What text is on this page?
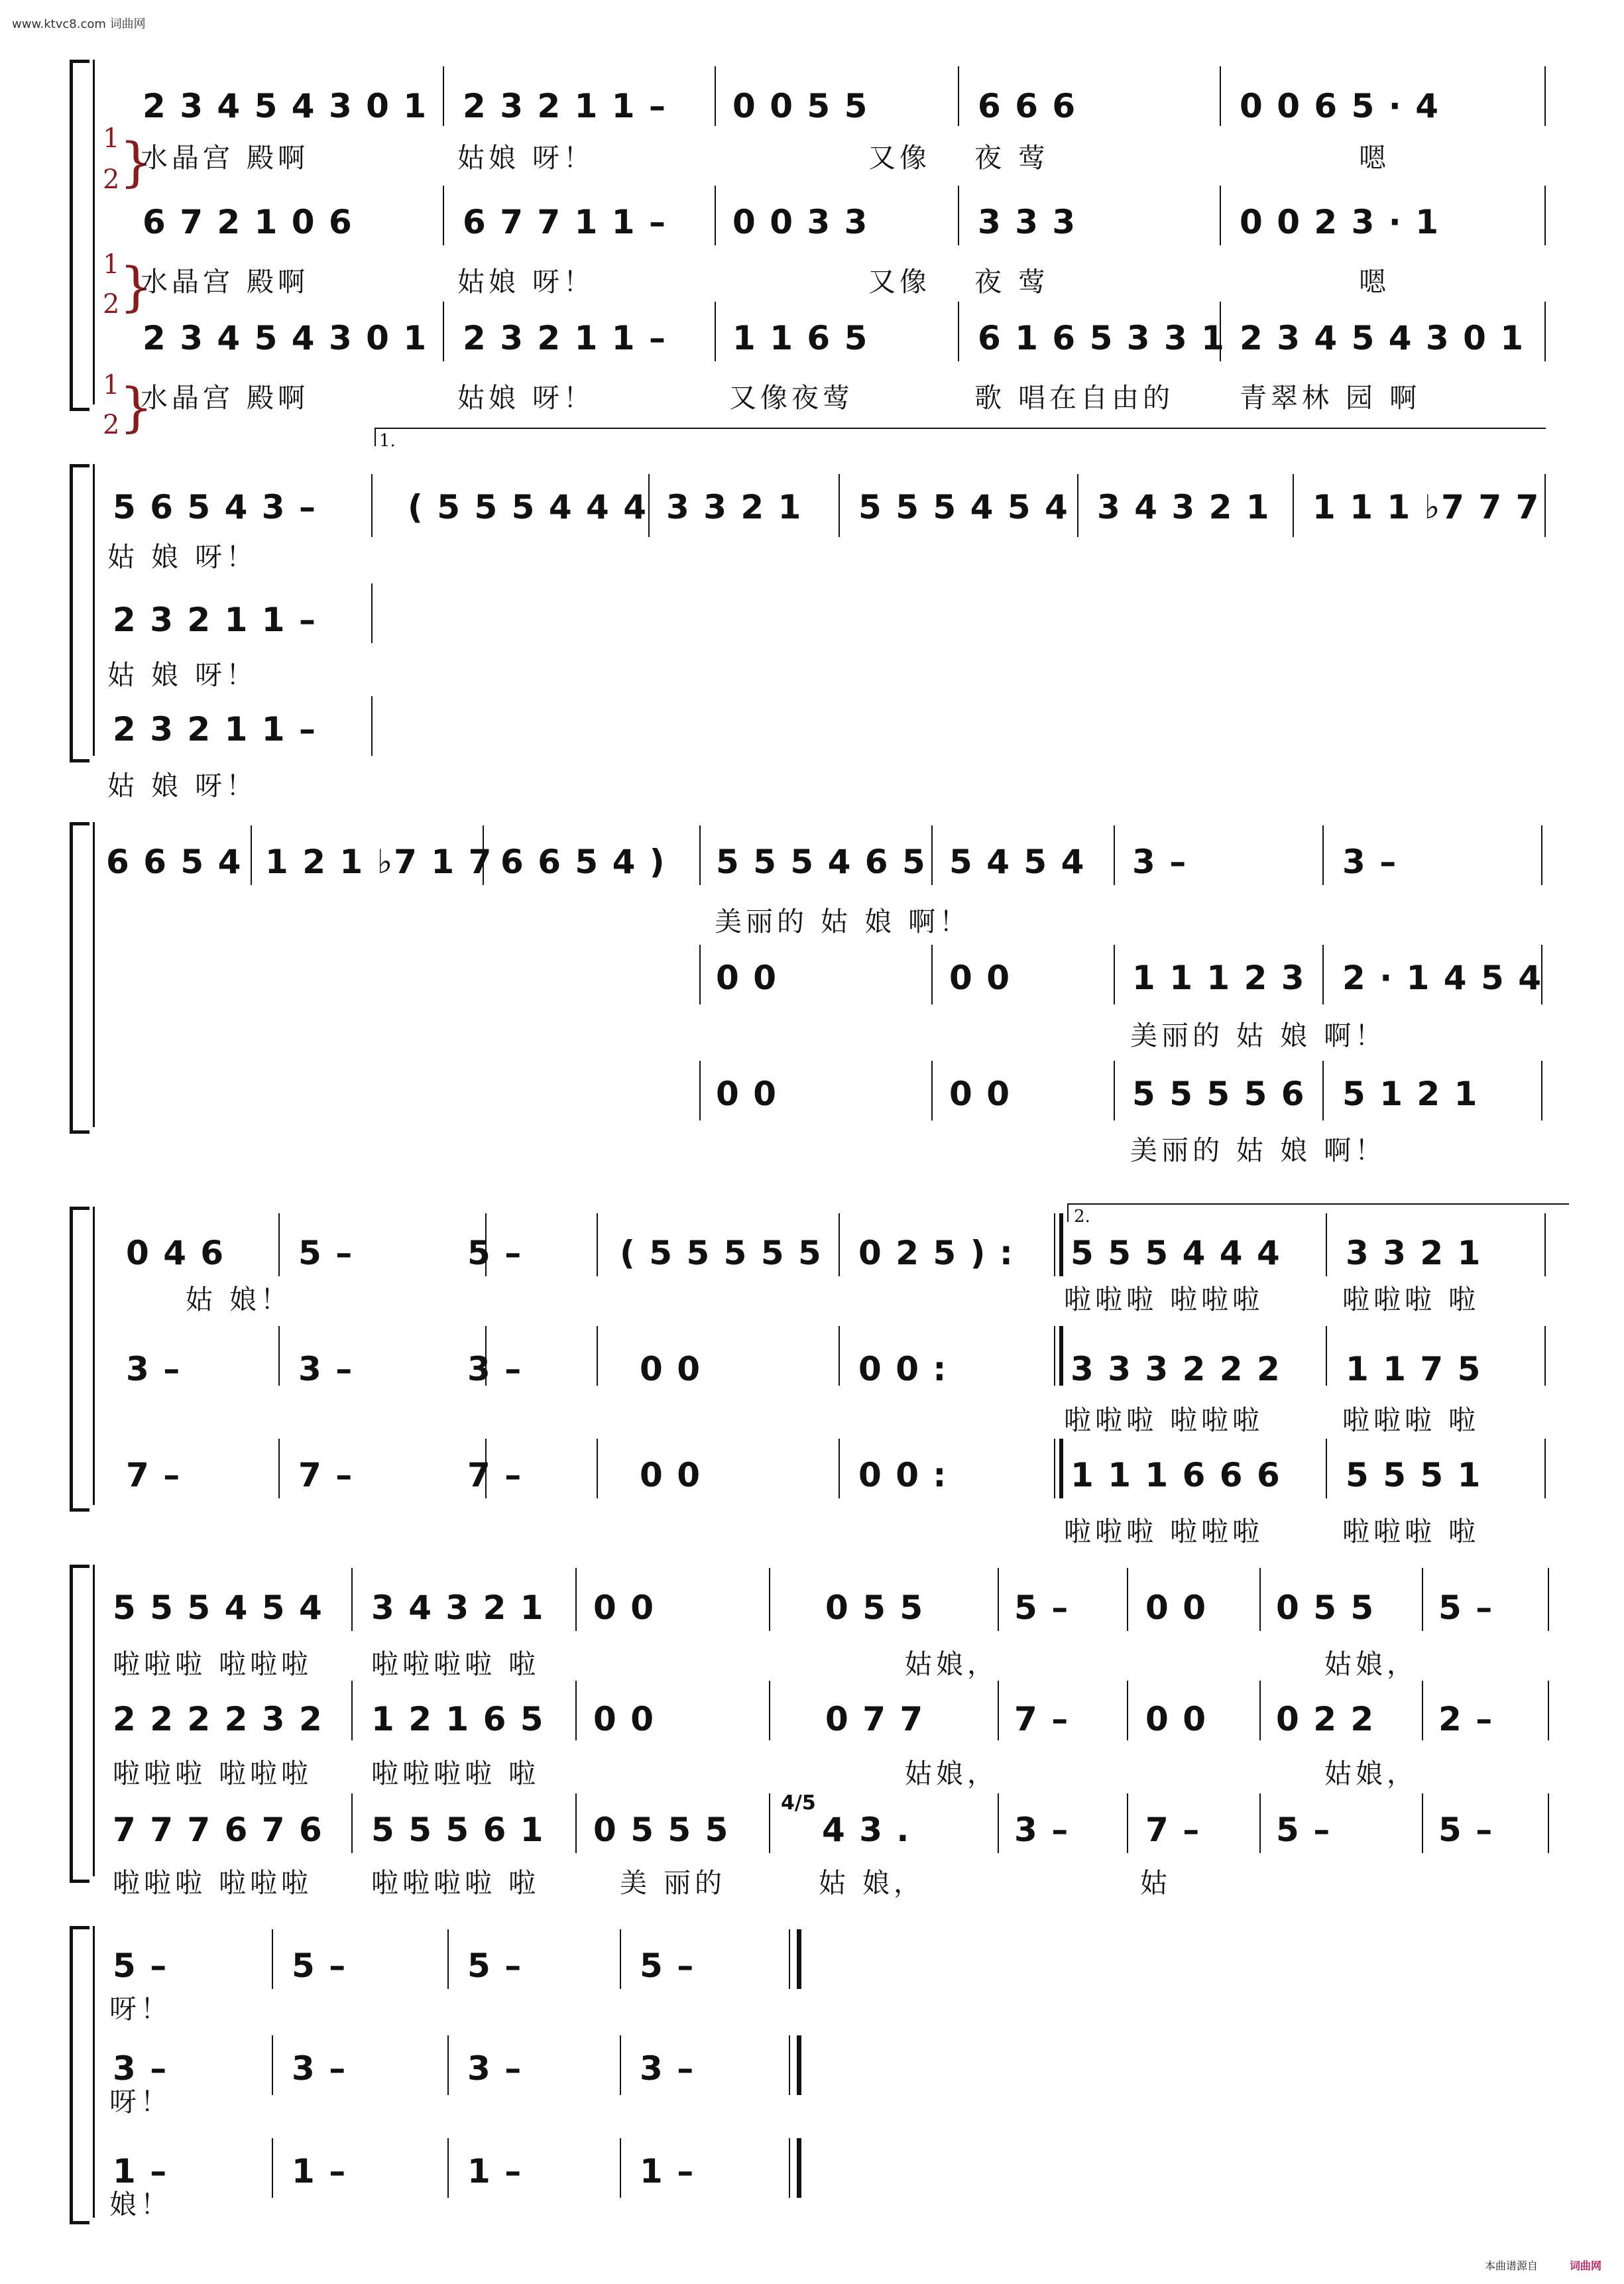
www.ktvc8.com 词曲网
本曲谱源自	词曲网
2 3 4 5 4 3 0 1 2 3 2 1 1 – 0 0 5 5	6 6 6	0 0 6 5 · 4
1
2 }
水晶宫 殿啊	姑娘 呀！	又像 夜 莺	嗯
6 7 2 1 0 6	6 7 7 1 1 – 0 0 3 3	3 3 3	0 0 2 3 · 1
1
2 }
水晶宫 殿啊	姑娘 呀！	又像 夜 莺	嗯
2 3 4 5 4 3 0 1 2 3 2 1 1 – 1 1 6 5	6 1 6 5 3 3 1 2 3 4 5 4 3 0 1
1
2 }
水晶宫 殿啊	姑娘 呀！	又像夜莺	歌 唱在自由的 青翠林 园 啊
1.
5 6 5 4 3 –	( 5 5 5 4 4 4 3 3 2 1 5 5 5 4 5 4 3 4 3 2 1 1 1 1 ♭7 7 7
姑 娘 呀！
2 3 2 1 1 –
姑 娘 呀！
2 3 2 1 1 –
姑 娘 呀！
6 6 5 4 1 2 1 ♭7 1 7 6 6 5 4 ) 5 5 5 4 6 5 5 4 5 4 3 –	3 –
美丽的 姑 娘 啊！
0 0	0 0	1 1 1 2 3 2 · 1 4 5 4
美丽的 姑 娘 啊！
0 0	0 0	5 5 5 5 6 5 1 2 1
美丽的 姑 娘 啊！
2.
0 4 6 5 –	5 –	( 5 5 5 5 5 0 2 5 ) : 5 5 5 4 4 4 3 3 2 1
姑 娘！	啦啦啦 啦啦啦	啦啦啦 啦
3 –	3 –	3 –	0 0	0 0 :	3 3 3 2 2 2 1 1 7 5
啦啦啦 啦啦啦	啦啦啦 啦
7 –	7 –	7 –	0 0	0 0 :	1 1 1 6 6 6 5 5 5 1
啦啦啦 啦啦啦	啦啦啦 啦
4/5
5 5 5 4 5 4 3 4 3 2 1 0 0	0 5 5	5 – 0 0 0 5 5 5 –
啦啦啦 啦啦啦 啦啦啦啦 啦	姑娘，	姑娘，
2 2 2 2 3 2 1 2 1 6 5 0 0	0 7 7	7 – 0 0 0 2 2 2 –
啦啦啦 啦啦啦 啦啦啦啦 啦	姑娘，	姑娘，
7 7 7 6 7 6 5 5 5 6 1 0 5 5 5	4 3 .	3 – 7 – 5 –	5 –
啦啦啦 啦啦啦 啦啦啦啦 啦	美 丽的	姑 娘，	姑
5 –	5 –	5 –	5 –
呀！
3 –	3 –	3 –	3 –
呀！
1 –	1 –	1 –	1 –
娘！
